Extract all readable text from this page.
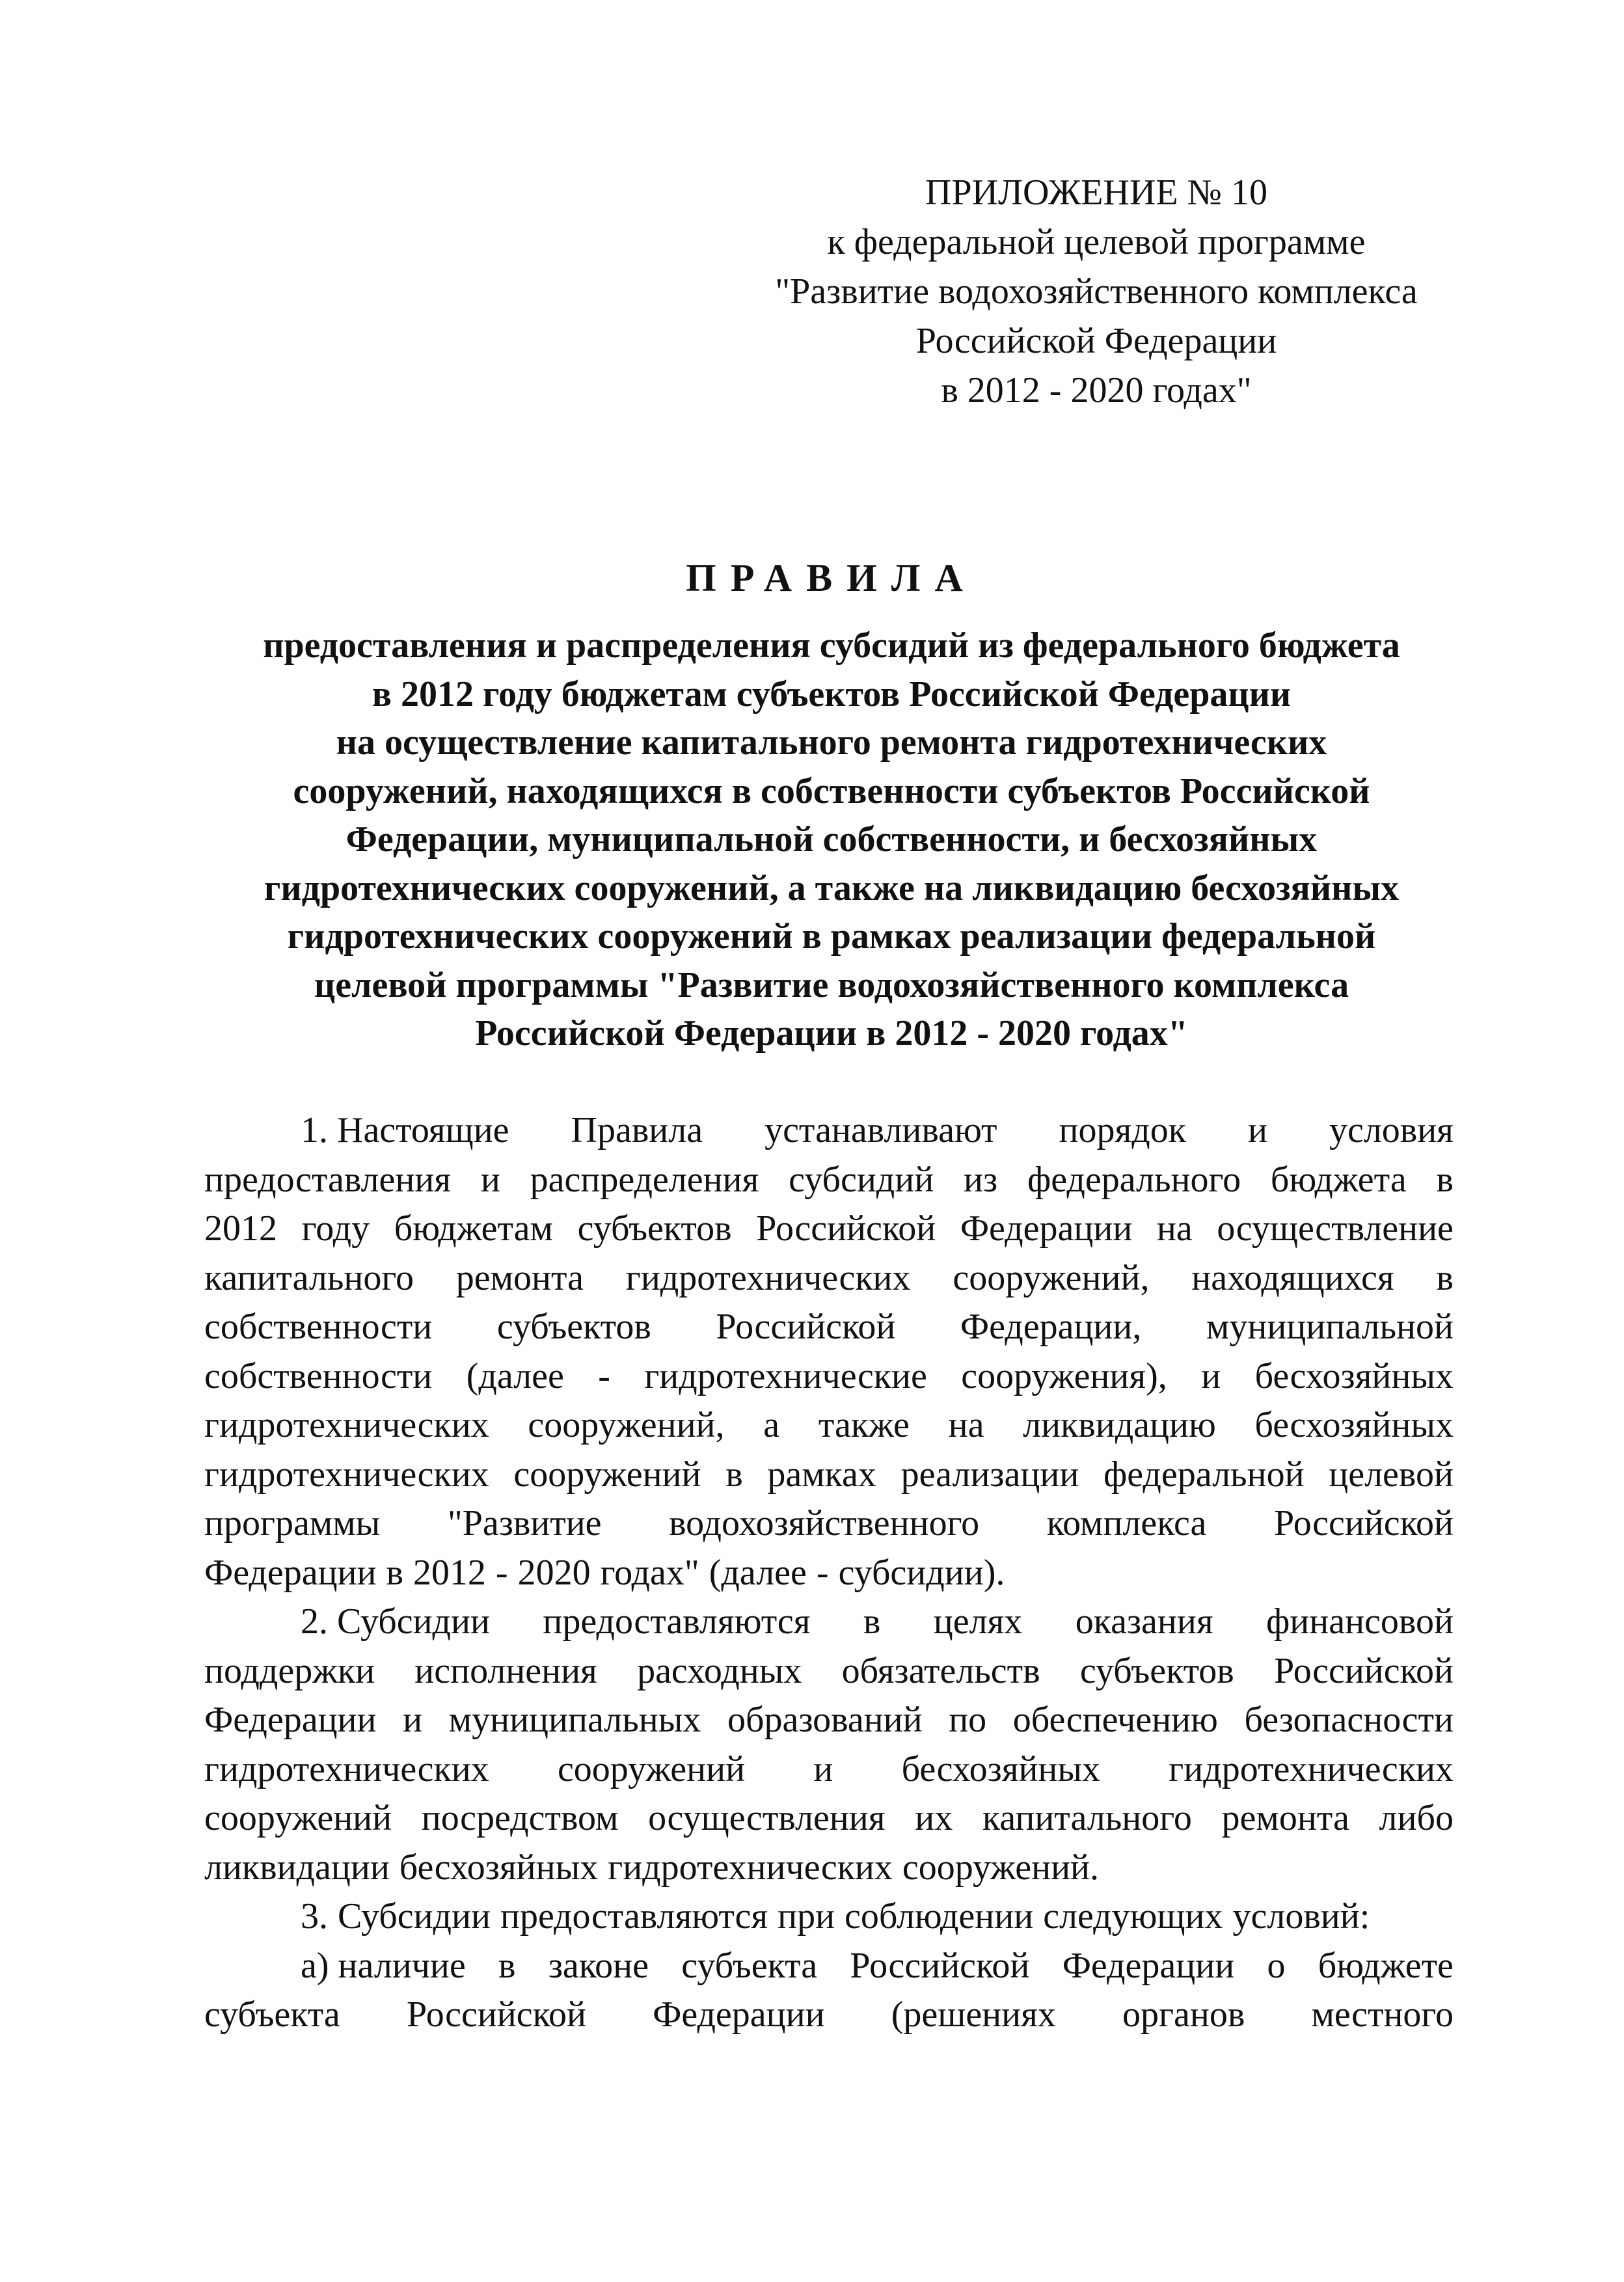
ПРИЛОЖЕНИЕ № 10
к федеральной целевой программе
"Развитие водохозяйственного комплекса
Российской Федерации
в 2012 - 2020 годах"
ПРАВИЛА
предоставления и распределения субсидий из федерального бюджета
в 2012 году бюджетам субъектов Российской Федерации
на осуществление капитального ремонта гидротехнических
сооружений, находящихся в собственности субъектов Российской
Федерации, муниципальной собственности, и бесхозяйных
гидротехнических сооружений, а также на ликвидацию бесхозяйных
гидротехнических сооружений в рамках реализации федеральной
целевой программы "Развитие водохозяйственного комплекса
Российской Федерации в 2012 - 2020 годах"
1. Настоящие Правила устанавливают порядок и условия
предоставления и распределения субсидий из федерального бюджета в
2012 году бюджетам субъектов Российской Федерации на осуществление
капитального ремонта гидротехнических сооружений, находящихся в
собственности субъектов Российской Федерации, муниципальной
собственности (далее - гидротехнические сооружения), и бесхозяйных
гидротехнических сооружений, а также на ликвидацию бесхозяйных
гидротехнических сооружений в рамках реализации федеральной целевой
программы "Развитие водохозяйственного комплекса Российской
Федерации в 2012 - 2020 годах" (далее - субсидии).
2. Субсидии предоставляются в целях оказания финансовой
поддержки исполнения расходных обязательств субъектов Российской
Федерации и муниципальных образований по обеспечению безопасности
гидротехнических сооружений и бесхозяйных гидротехнических
сооружений посредством осуществления их капитального ремонта либо
ликвидации бесхозяйных гидротехнических сооружений.
3. Субсидии предоставляются при соблюдении следующих условий:
а) наличие в законе субъекта Российской Федерации о бюджете
субъекта Российской Федерации (решениях органов местного
